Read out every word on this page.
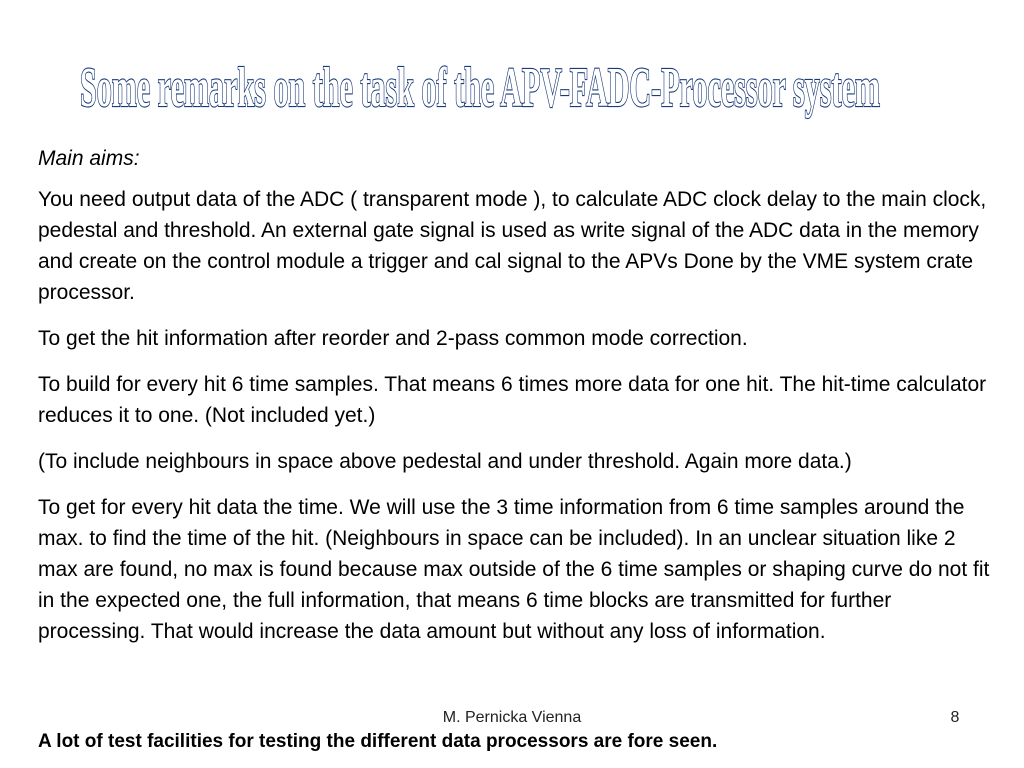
Some remarks on the task of the APV-FADC-Processor system

Main aims:

You need output data of the ADC ( transparent mode ), to calculate ADC clock delay to the main clock, pedestal and threshold. An external gate signal is used as write signal of the ADC data in the memory and create on the control module a trigger and cal signal to the APVs Done by the VME system crate processor.

To get the hit information after reorder and 2-pass common mode correction.

To build for every hit 6 time samples. That means 6 times more data for one hit. The hit-time calculator reduces it to one. (Not included yet.)

(To include neighbours in space above pedestal and under threshold. Again more data.)

To get for every hit data the time. We will use the 3 time information from 6 time samples around the max. to find the time of the hit. (Neighbours in space can be included). In an unclear situation like 2 max are found, no max is found because max outside of the 6 time samples or shaping curve do not fit in the expected one, the full information, that means 6 time blocks are transmitted for further processing. That would increase the data amount but without any loss of information.

M. Pernicka Vienna	8
A lot of test facilities for testing the different data processors are fore seen.
